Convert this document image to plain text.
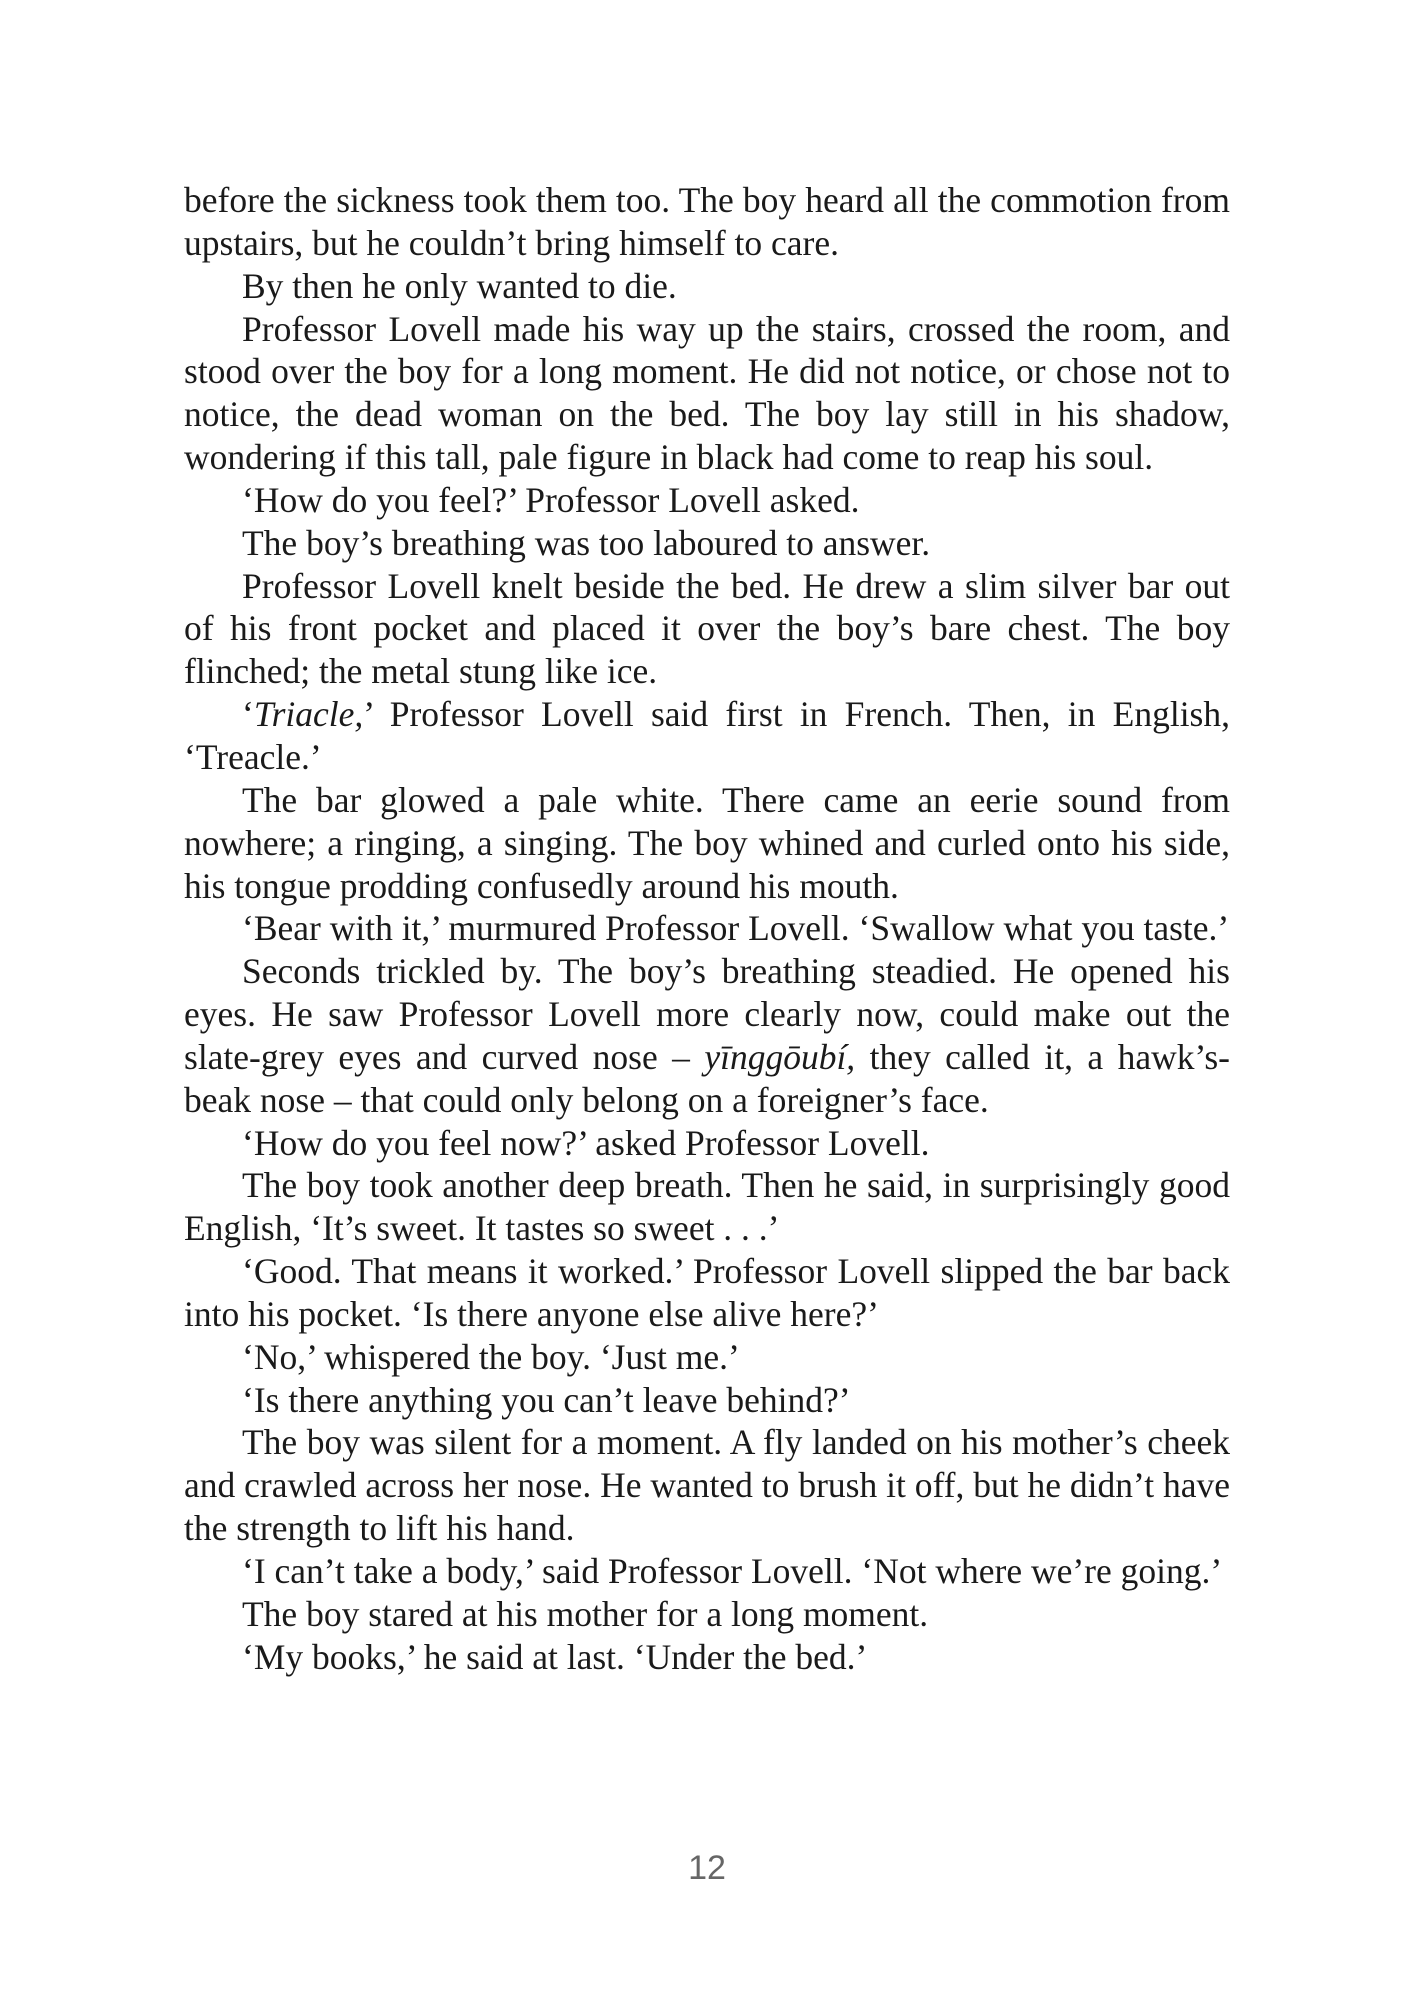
before the sickness took them too. The boy heard all the commotion from upstairs, but he couldn’t bring himself to care.

By then he only wanted to die.

Professor Lovell made his way up the stairs, crossed the room, and stood over the boy for a long moment. He did not notice, or chose not to notice, the dead woman on the bed. The boy lay still in his shadow, wondering if this tall, pale figure in black had come to reap his soul.

‘How do you feel?’ Professor Lovell asked.

The boy’s breathing was too laboured to answer.

Professor Lovell knelt beside the bed. He drew a slim silver bar out of his front pocket and placed it over the boy’s bare chest. The boy flinched; the metal stung like ice.

‘Triacle,’ Professor Lovell said first in French. Then, in English, ‘Treacle.’

The bar glowed a pale white. There came an eerie sound from nowhere; a ringing, a singing. The boy whined and curled onto his side, his tongue prodding confusedly around his mouth.

‘Bear with it,’ murmured Professor Lovell. ‘Swallow what you taste.’

Seconds trickled by. The boy’s breathing steadied. He opened his eyes. He saw Professor Lovell more clearly now, could make out the slate-grey eyes and curved nose – yīnggōubí, they called it, a hawk’s-beak nose – that could only belong on a foreigner’s face.

‘How do you feel now?’ asked Professor Lovell.

The boy took another deep breath. Then he said, in surprisingly good English, ‘It’s sweet. It tastes so sweet . . .’

‘Good. That means it worked.’ Professor Lovell slipped the bar back into his pocket. ‘Is there anyone else alive here?’

‘No,’ whispered the boy. ‘Just me.’

‘Is there anything you can’t leave behind?’

The boy was silent for a moment. A fly landed on his mother’s cheek and crawled across her nose. He wanted to brush it off, but he didn’t have the strength to lift his hand.

‘I can’t take a body,’ said Professor Lovell. ‘Not where we’re going.’

The boy stared at his mother for a long moment.

‘My books,’ he said at last. ‘Under the bed.’

12
